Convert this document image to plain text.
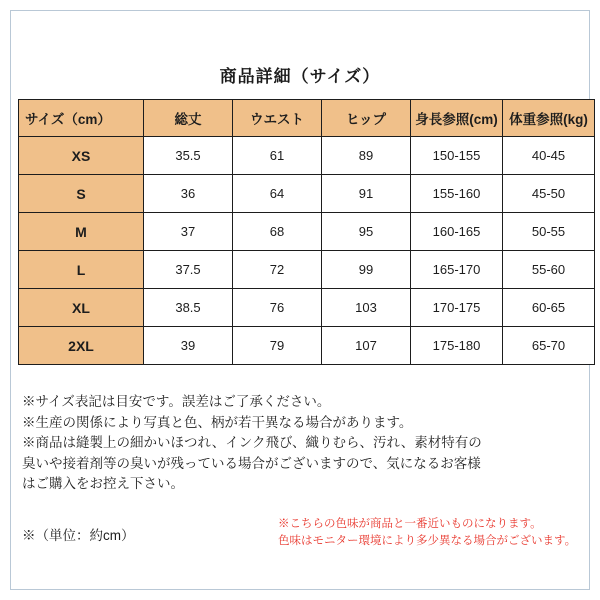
商品詳細（サイズ）
サイズ（cm）	総丈	ウエスト	ヒップ	身長参照(cm)	体重参照(kg)
XS	35.5	61	89	150-155	40-45
S	36	64	91	155-160	45-50
M	37	68	95	160-165	50-55
L	37.5	72	99	165-170	55-60
XL	38.5	76	103	170-175	60-65
2XL	39	79	107	175-180	65-70

※サイズ表記は目安です。誤差はご了承ください。

※生産の関係により写真と色、柄が若干異なる場合があります。

※商品は縫製上の細かいほつれ、インク飛び、織りむら、汚れ、素材特有の

臭いや接着剤等の臭いが残っている場合がございますので、気になるお客様

はご購入をお控え下さい。

※（単位：約cm）
※こちらの色味が商品と一番近いものになります。
色味はモニター環境により多少異なる場合がございます。
